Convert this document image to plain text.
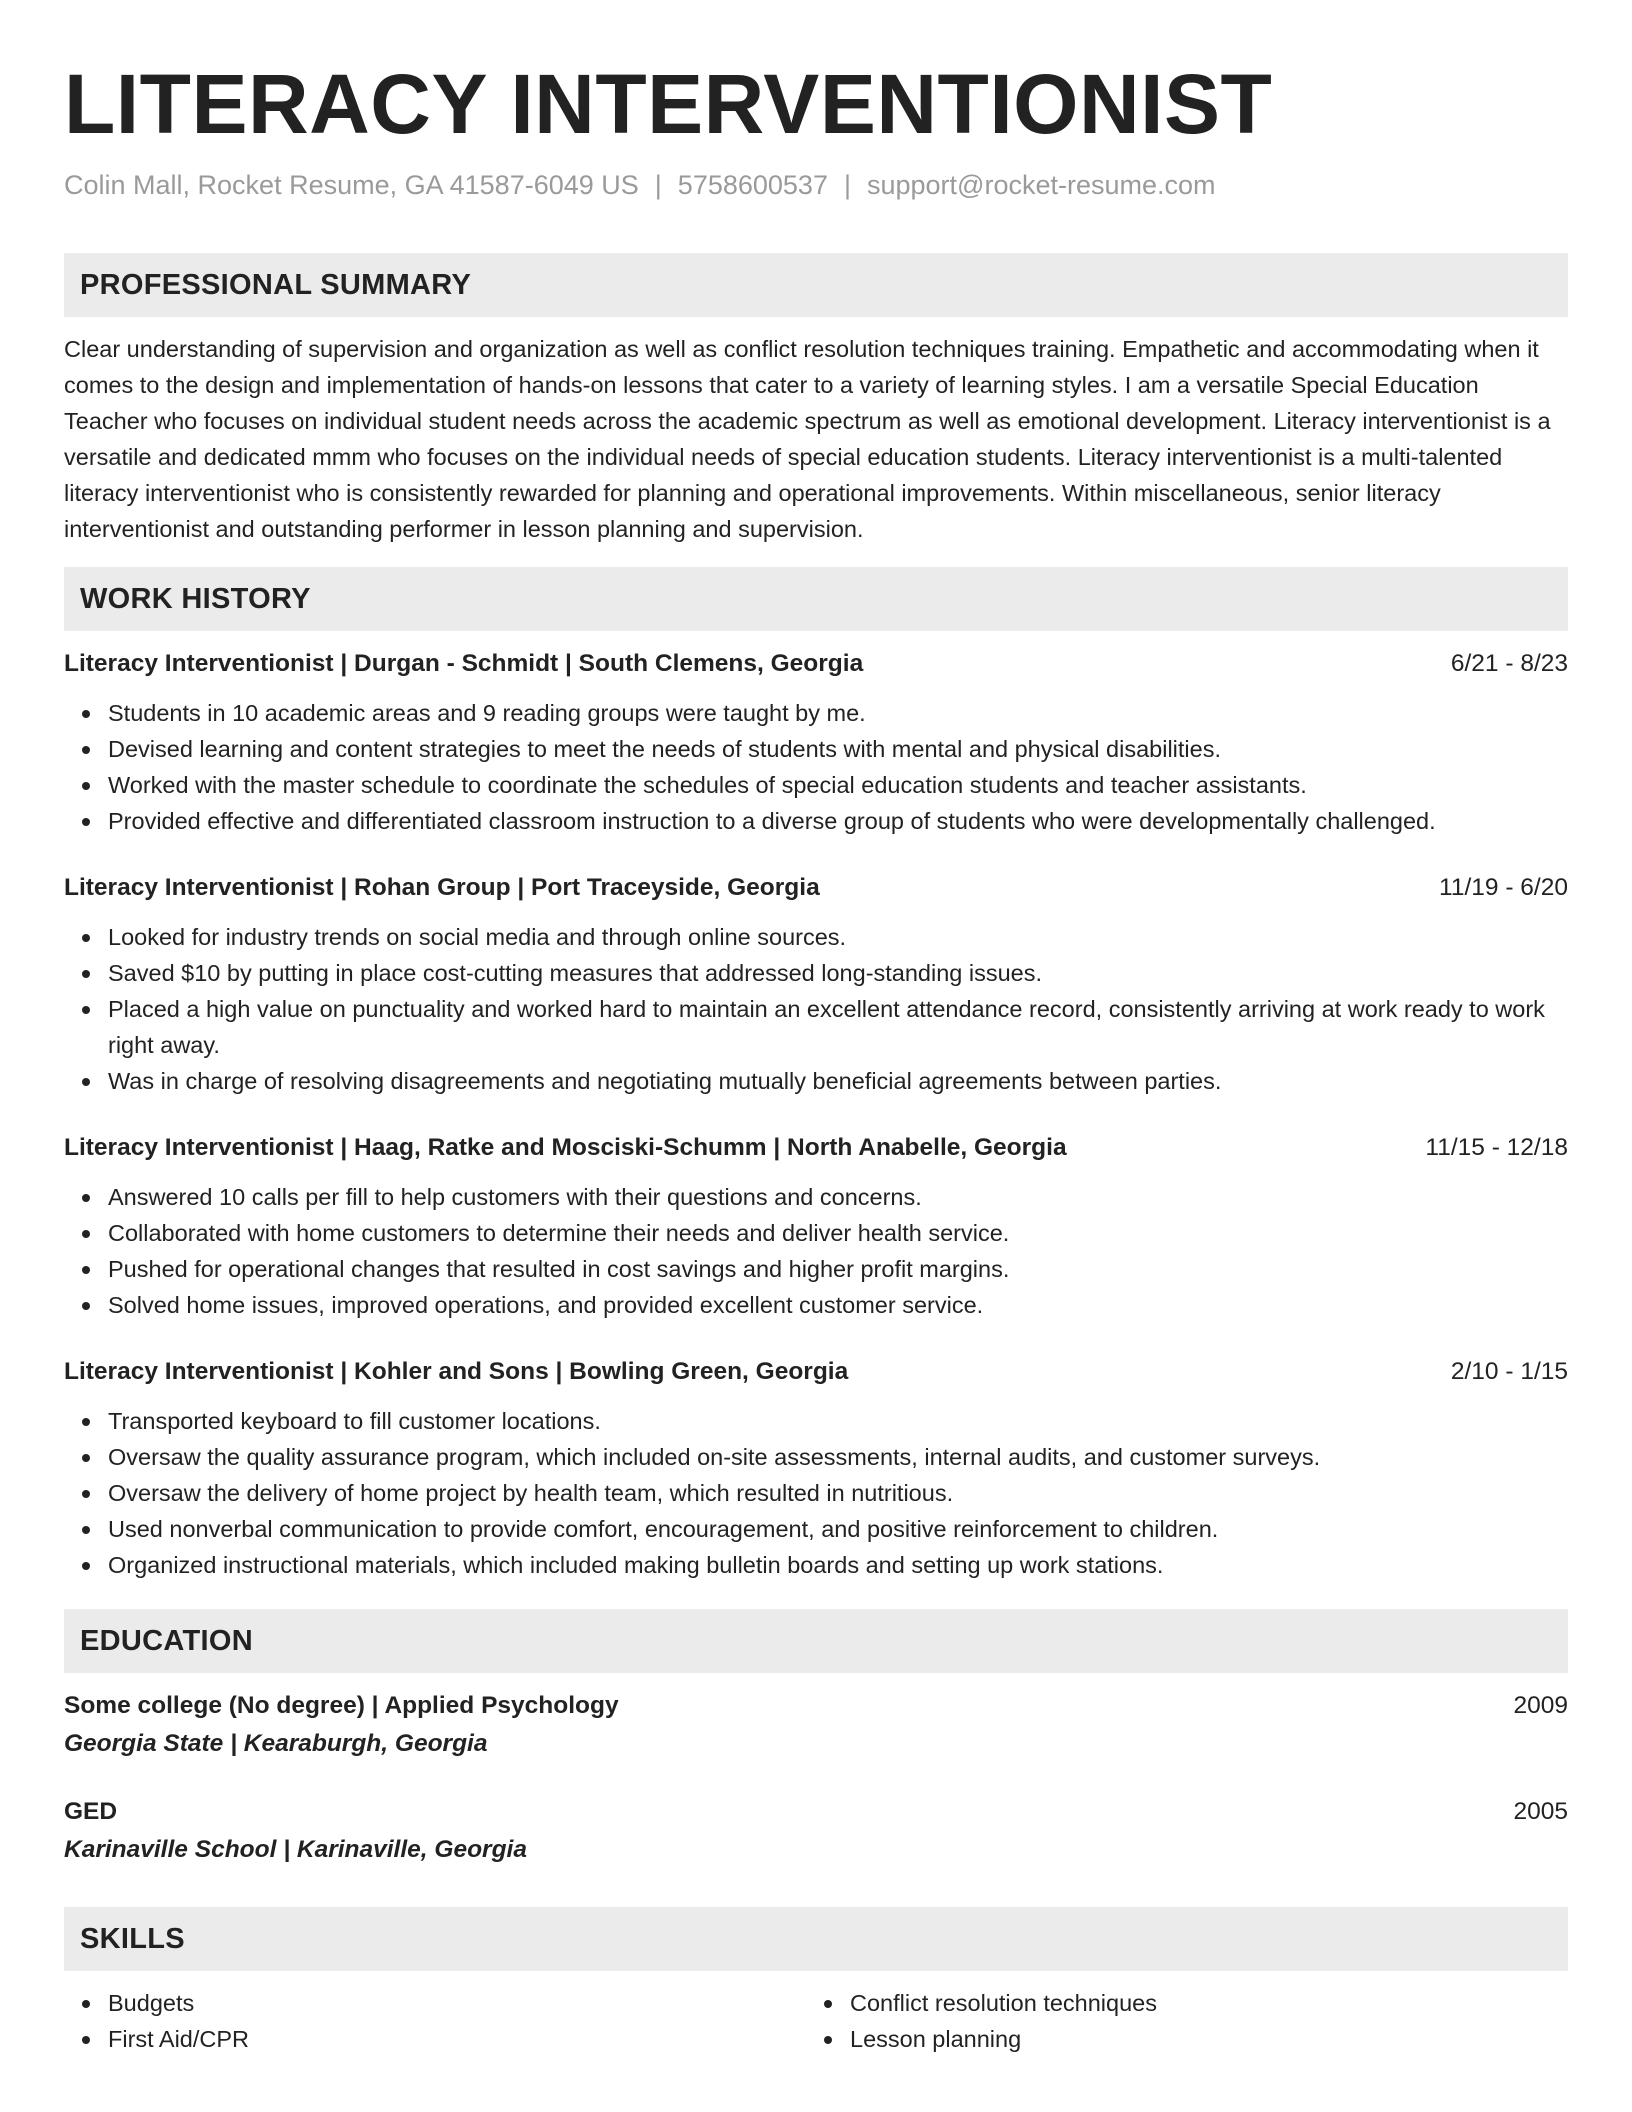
LITERACY INTERVENTIONIST
Colin Mall, Rocket Resume, GA 41587-6049 US | 5758600537 | support@rocket-resume.com
PROFESSIONAL SUMMARY
Clear understanding of supervision and organization as well as conflict resolution techniques training. Empathetic and accommodating when it comes to the design and implementation of hands-on lessons that cater to a variety of learning styles. I am a versatile Special Education Teacher who focuses on individual student needs across the academic spectrum as well as emotional development. Literacy interventionist is a versatile and dedicated mmm who focuses on the individual needs of special education students. Literacy interventionist is a multi-talented literacy interventionist who is consistently rewarded for planning and operational improvements. Within miscellaneous, senior literacy interventionist and outstanding performer in lesson planning and supervision.
WORK HISTORY
Literacy Interventionist | Durgan - Schmidt | South Clemens, Georgia	6/21 - 8/23
Students in 10 academic areas and 9 reading groups were taught by me.
Devised learning and content strategies to meet the needs of students with mental and physical disabilities.
Worked with the master schedule to coordinate the schedules of special education students and teacher assistants.
Provided effective and differentiated classroom instruction to a diverse group of students who were developmentally challenged.
Literacy Interventionist | Rohan Group | Port Traceyside, Georgia	11/19 - 6/20
Looked for industry trends on social media and through online sources.
Saved $10 by putting in place cost-cutting measures that addressed long-standing issues.
Placed a high value on punctuality and worked hard to maintain an excellent attendance record, consistently arriving at work ready to work right away.
Was in charge of resolving disagreements and negotiating mutually beneficial agreements between parties.
Literacy Interventionist | Haag, Ratke and Mosciski-Schumm | North Anabelle, Georgia	11/15 - 12/18
Answered 10 calls per fill to help customers with their questions and concerns.
Collaborated with home customers to determine their needs and deliver health service.
Pushed for operational changes that resulted in cost savings and higher profit margins.
Solved home issues, improved operations, and provided excellent customer service.
Literacy Interventionist | Kohler and Sons | Bowling Green, Georgia	2/10 - 1/15
Transported keyboard to fill customer locations.
Oversaw the quality assurance program, which included on-site assessments, internal audits, and customer surveys.
Oversaw the delivery of home project by health team, which resulted in nutritious.
Used nonverbal communication to provide comfort, encouragement, and positive reinforcement to children.
Organized instructional materials, which included making bulletin boards and setting up work stations.
EDUCATION
Some college (No degree) | Applied Psychology	2009
Georgia State | Kearaburgh, Georgia
GED	2005
Karinaville School | Karinaville, Georgia
SKILLS
Budgets
First Aid/CPR
Conflict resolution techniques
Lesson planning
